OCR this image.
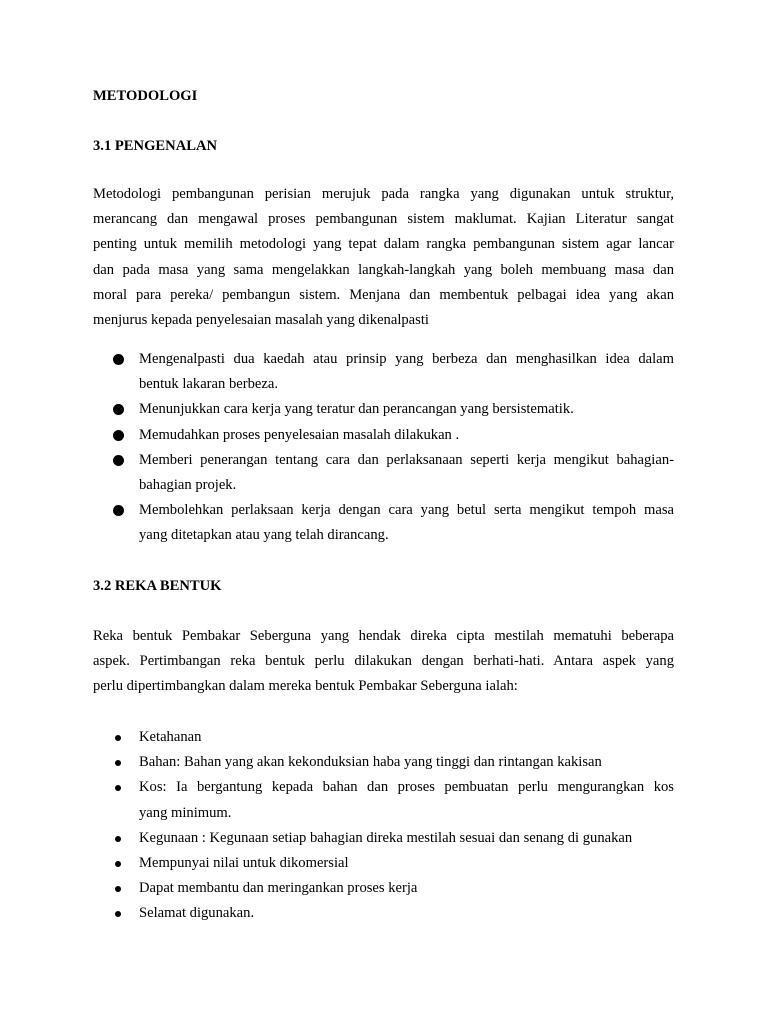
METODOLOGI
3.1 PENGENALAN
Metodologi pembangunan perisian merujuk pada rangka yang digunakan untuk struktur,
merancang dan mengawal proses pembangunan sistem maklumat. Kajian Literatur sangat
penting untuk memilih metodologi yang tepat dalam rangka pembangunan sistem agar lancar
dan pada masa yang sama mengelakkan langkah-langkah yang boleh membuang masa dan
moral para pereka/ pembangun sistem. Menjana dan membentuk pelbagai idea yang akan
menjurus kepada penyelesaian masalah yang dikenalpasti
Mengenalpasti dua kaedah atau prinsip yang berbeza dan menghasilkan idea dalam
bentuk lakaran berbeza.
Menunjukkan cara kerja yang teratur dan perancangan yang bersistematik.
Memudahkan proses penyelesaian masalah dilakukan .
Memberi penerangan tentang cara dan perlaksanaan seperti kerja mengikut bahagian-
bahagian projek.
Membolehkan perlaksaan kerja dengan cara yang betul serta mengikut tempoh masa
yang ditetapkan atau yang telah dirancang.
3.2 REKA BENTUK
Reka bentuk Pembakar Seberguna yang hendak direka cipta mestilah mematuhi beberapa
aspek. Pertimbangan reka bentuk perlu dilakukan dengan berhati-hati. Antara aspek yang
perlu dipertimbangkan dalam mereka bentuk Pembakar Seberguna ialah:
Ketahanan
Bahan: Bahan yang akan kekonduksian haba yang tinggi dan rintangan kakisan
Kos: Ia bergantung kepada bahan dan proses pembuatan perlu mengurangkan kos
yang minimum.
Kegunaan : Kegunaan setiap bahagian direka mestilah sesuai dan senang di gunakan
Mempunyai nilai untuk dikomersial
Dapat membantu dan meringankan proses kerja
Selamat digunakan.
